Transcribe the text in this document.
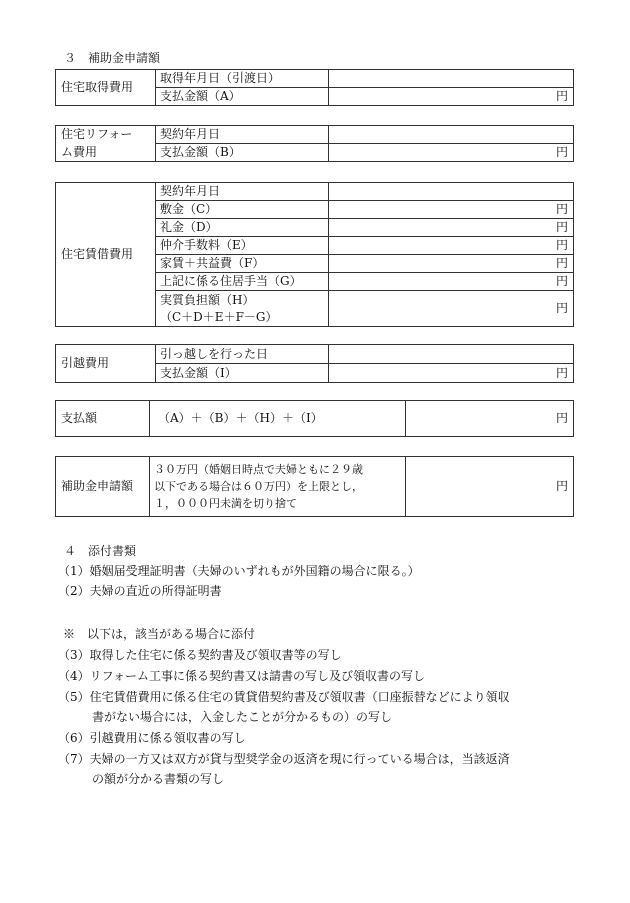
３　補助金申請額
住宅取得費用	取得年月日（引渡日）	
	支払金額（A）	円
住宅リフォー
ム費用	契約年月日	
	支払金額（B）	円
住宅賃借費用	契約年月日	
	敷金（C）	円
	礼金（D）	円
	仲介手数料（E）	円
	家賃＋共益費（F）	円
	上記に係る住居手当（G）	円
	実質負担額（H）
（C＋D＋E＋F－G）	円
引越費用	引っ越しを行った日	
	支払金額（I）	円
支払額	（A）＋（B）＋（H）＋（I）	円
補助金申請額	３０万円（婚姻日時点で夫婦ともに２９歳
以下である場合は６０万円）を上限とし，
１，０００円未満を切り捨て	円
４　添付書類
（1）婚姻届受理証明書（夫婦のいずれもが外国籍の場合に限る。）
（2）夫婦の直近の所得証明書
※　以下は，該当がある場合に添付
（3）取得した住宅に係る契約書及び領収書等の写し
（4）リフォーム工事に係る契約書又は請書の写し及び領収書の写し
（5）住宅賃借費用に係る住宅の賃貸借契約書及び領収書（口座振替などにより領収
書がない場合には，入金したことが分かるもの）の写し
（6）引越費用に係る領収書の写し
（7）夫婦の一方又は双方が貸与型奨学金の返済を現に行っている場合は，当該返済
の額が分かる書類の写し
